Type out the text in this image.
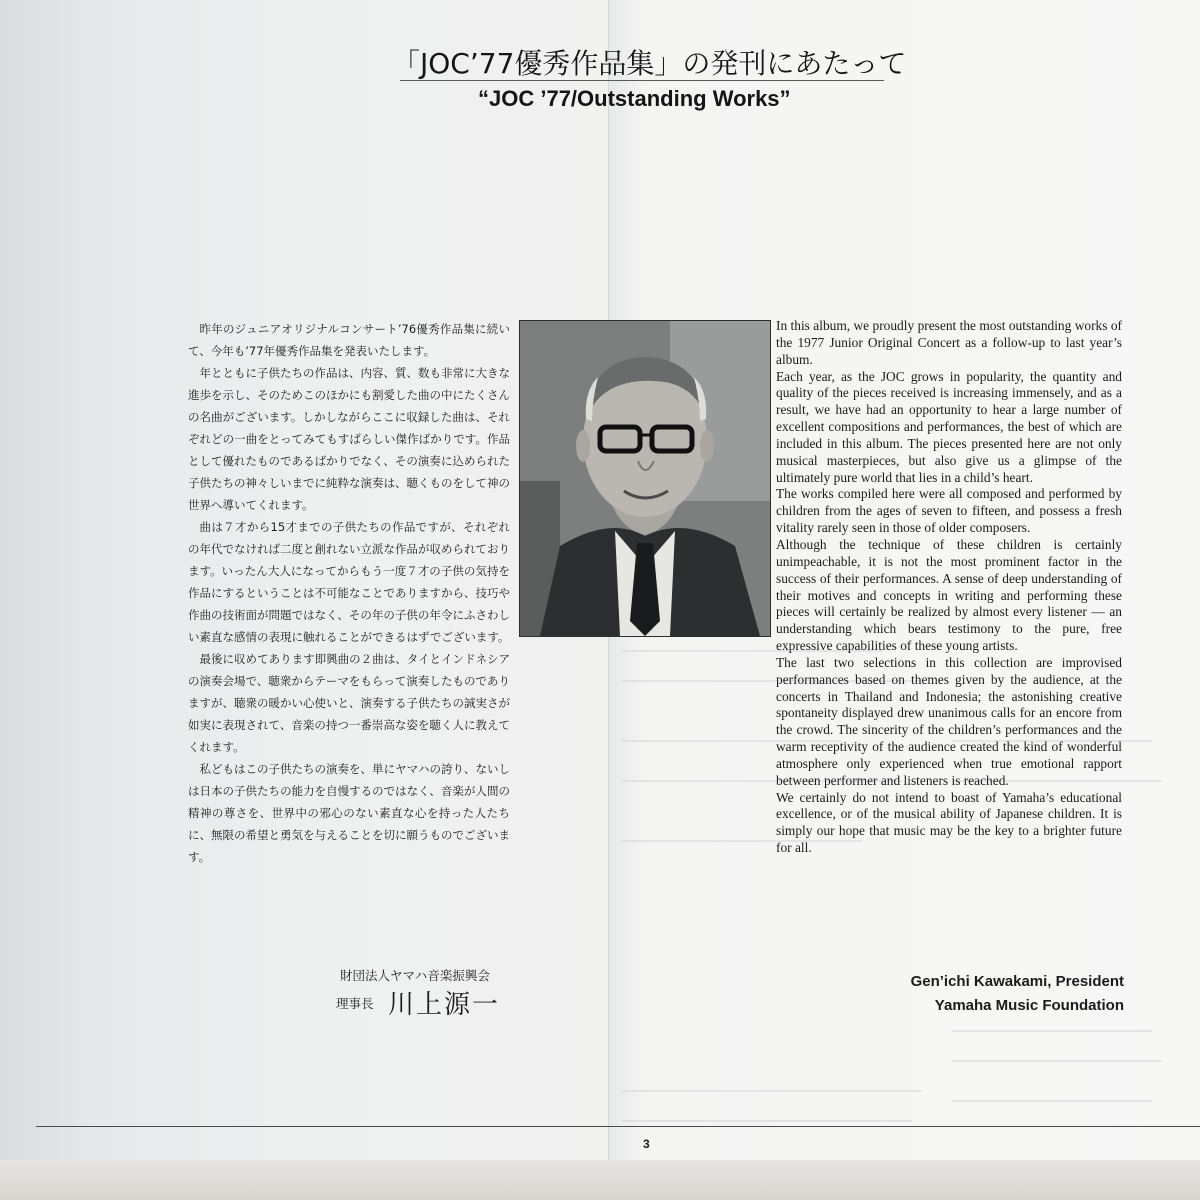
「JOC’77優秀作品集」の発刊にあたって
“JOC ’77/Outstanding Works”

昨年のジュニアオリジナルコンサート’76優秀作品集に続いて、今年も’77年優秀作品集を発表いたします。

年とともに子供たちの作品は、内容、質、数も非常に大きな進歩を示し、そのためこのほかにも割愛した曲の中にたくさんの名曲がございます。しかしながらここに収録した曲は、それぞれどの一曲をとってみてもすばらしい傑作ばかりです。作品として優れたものであるばかりでなく、その演奏に込められた子供たちの神々しいまでに純粋な演奏は、聴くものをして神の世界へ導いてくれます。

曲は７才から15才までの子供たちの作品ですが、それぞれの年代でなければ二度と創れない立派な作品が収められております。いったん大人になってからもう一度７才の子供の気持を作品にするということは不可能なことでありますから、技巧や作曲の技術面が問題ではなく、その年の子供の年令にふさわしい素直な感情の表現に触れることができるはずでございます。

最後に収めてあります即興曲の２曲は、タイとインドネシアの演奏会場で、聴衆からテーマをもらって演奏したものでありますが、聴衆の暖かい心使いと、演奏する子供たちの誠実さが如実に表現されて、音楽の持つ一番崇高な姿を聴く人に教えてくれます。

私どもはこの子供たちの演奏を、単にヤマハの誇り、ないしは日本の子供たちの能力を自慢するのではなく、音楽が人間の精神の尊さを、世界中の邪心のない素直な心を持った人たちに、無限の希望と勇気を与えることを切に願うものでございます。

In this album, we proudly present the most outstanding works of the 1977 Junior Original Concert as a follow-up to last year’s album.

Each year, as the JOC grows in popularity, the quantity and quality of the pieces received is increasing immensely, and as a result, we have had an opportunity to hear a large number of excellent compositions and performances, the best of which are included in this album. The pieces presented here are not only musical masterpieces, but also give us a glimpse of the ultimately pure world that lies in a child’s heart.

The works compiled here were all composed and performed by children from the ages of seven to fifteen, and possess a fresh vitality rarely seen in those of older composers.

Although the technique of these children is certainly unimpeachable, it is not the most prominent factor in the success of their performances. A sense of deep understanding of their motives and concepts in writing and performing these pieces will certainly be realized by almost every listener — an understanding which bears testimony to the pure, free expressive capabilities of these young artists.

The last two selections in this collection are improvised performances based on themes given by the audience, at the concerts in Thailand and Indonesia; the astonishing creative spontaneity displayed drew unanimous calls for an encore from the crowd. The sincerity of the children’s performances and the warm receptivity of the audience created the kind of wonderful atmosphere only experienced when true emotional rapport between performer and listeners is reached.

We certainly do not intend to boast of Yamaha’s educational excellence, or of the musical ability of Japanese children. It is simply our hope that music may be the key to a brighter future for all.

財団法人ヤマハ音楽振興会
理事長 川上源一
Gen’ichi Kawakami, President
Yamaha Music Foundation
3
